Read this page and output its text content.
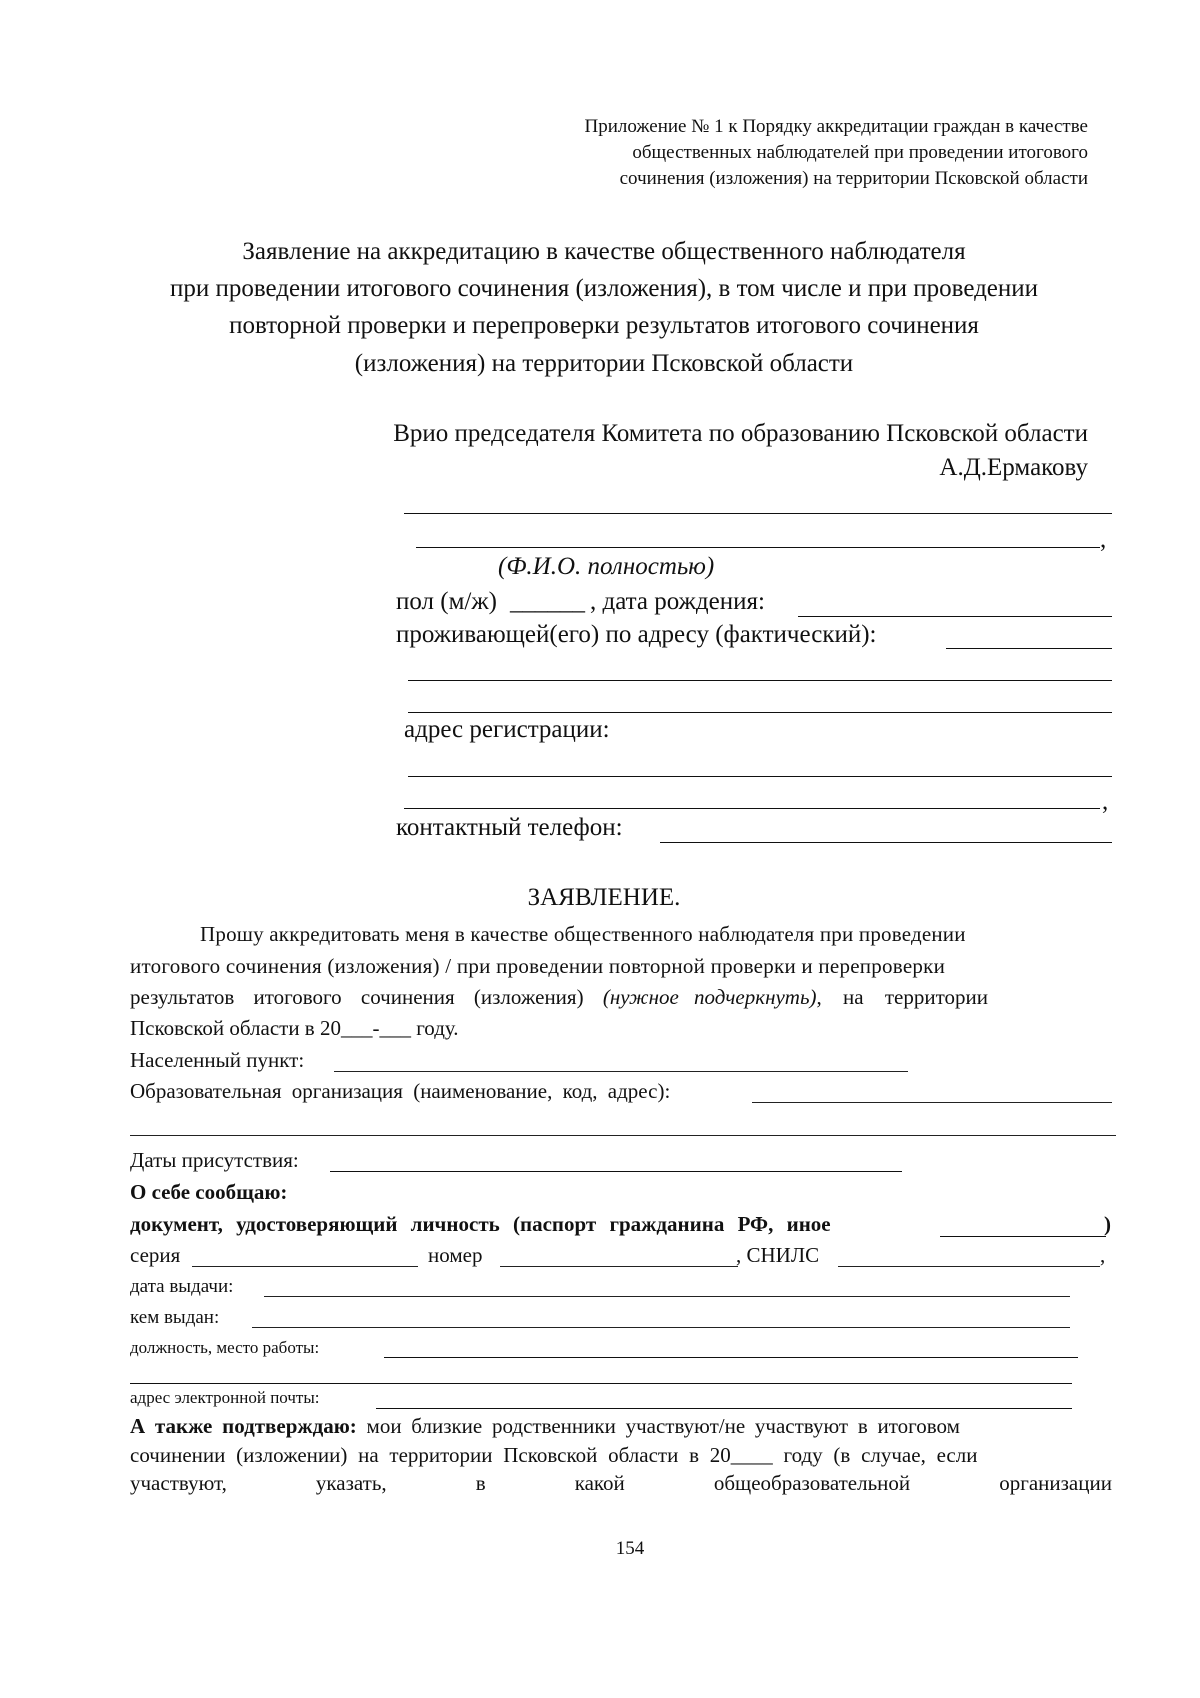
Приложение № 1 к Порядку аккредитации граждан в качестве
общественных наблюдателей при проведении итогового
сочинения (изложения) на территории Псковской области
Заявление на аккредитацию в качестве общественного наблюдателя
при проведении итогового сочинения (изложения), в том числе и при проведении
повторной проверки и перепроверки результатов итогового сочинения
(изложения) на территории Псковской области
Врио председателя Комитета по образованию Псковской области
А.Д.Ермакову
,
(Ф.И.О. полностью)
пол (м/ж) ______ , дата рождения:
проживающей(его) по адресу (фактический):
адрес регистрации:
,
контактный телефон:
ЗАЯВЛЕНИЕ.
Прошу аккредитовать меня в качестве общественного наблюдателя при проведении
итогового сочинения (изложения) / при проведении повторной проверки и перепроверки
результатов итогового сочинения (изложения) (нужное подчеркнуть), на территории
Псковской области в 20___-___ году.
Населенный пункт:
Образовательная организация (наименование, код, адрес):
Даты присутствия:
О себе сообщаю:
документ, удостоверяющий личность (паспорт гражданина РФ, иное	)
серия	номер	, СНИЛС	,
дата выдачи:
кем выдан:
должность, место работы:
адрес электронной почты:
А также подтверждаю: мои близкие родственники участвуют/не участвуют в итоговом
сочинении (изложении) на территории Псковской области в 20____ году (в случае, если
участвуют,	указать,	в	какой	общеобразовательной	организации
154
